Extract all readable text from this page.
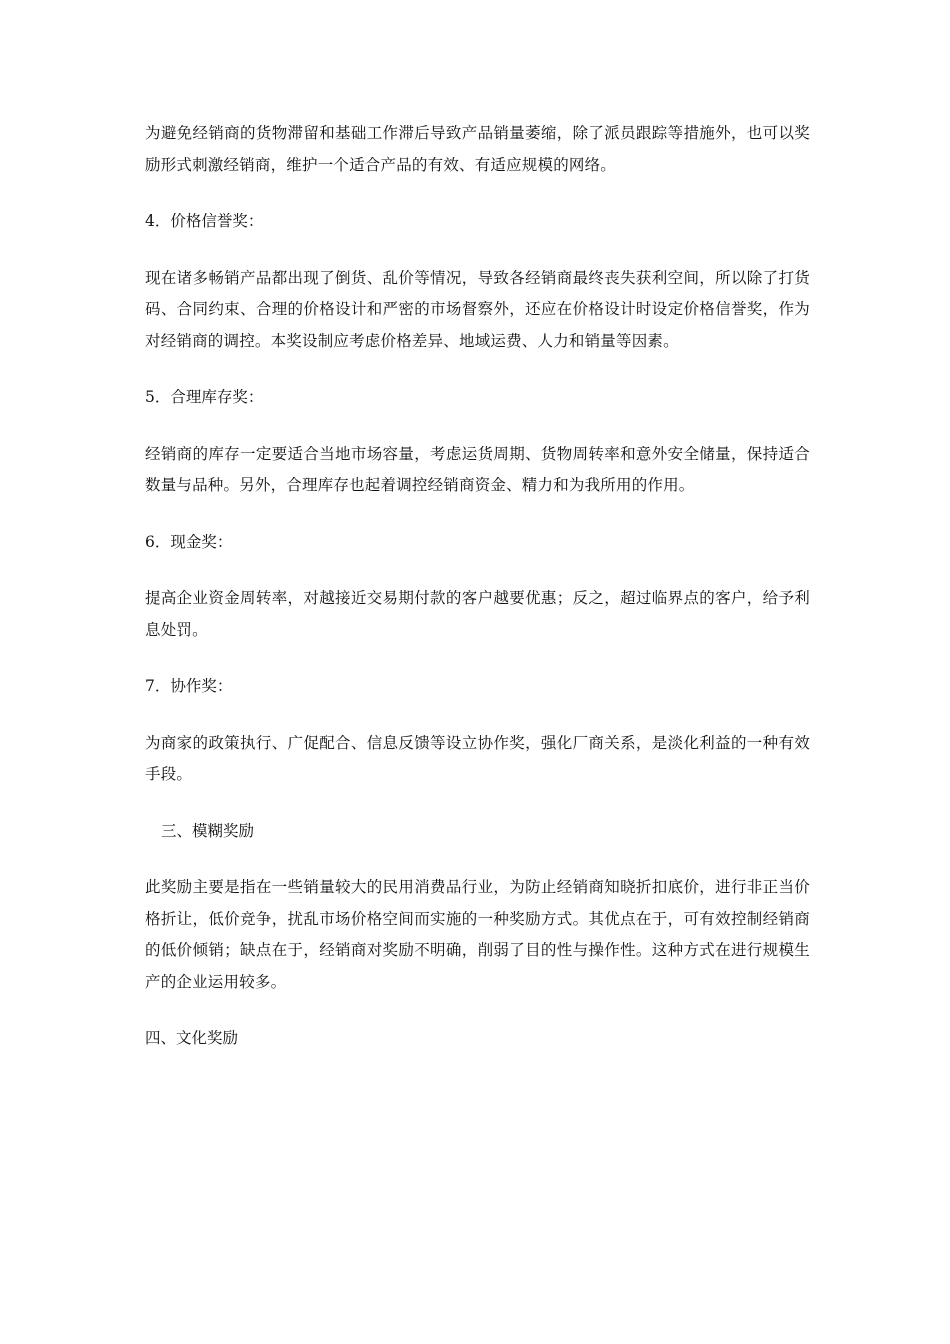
为避免经销商的货物滞留和基础工作滞后导致产品销量萎缩，除了派员跟踪等措施外，也可以奖励形式刺激经销商，维护一个适合产品的有效、有适应规模的网络。

4．价格信誉奖：

现在诸多畅销产品都出现了倒货、乱价等情况，导致各经销商最终丧失获利空间，所以除了打货码、合同约束、合理的价格设计和严密的市场督察外，还应在价格设计时设定价格信誉奖，作为对经销商的调控。本奖设制应考虑价格差异、地域运费、人力和销量等因素。

5．合理库存奖：

经销商的库存一定要适合当地市场容量，考虑运货周期、货物周转率和意外安全储量，保持适合数量与品种。另外，合理库存也起着调控经销商资金、精力和为我所用的作用。

6．现金奖：

提高企业资金周转率，对越接近交易期付款的客户越要优惠；反之，超过临界点的客户，给予利息处罚。

7．协作奖：

为商家的政策执行、广促配合、信息反馈等设立协作奖，强化厂商关系，是淡化利益的一种有效手段。

三、模糊奖励

此奖励主要是指在一些销量较大的民用消费品行业，为防止经销商知晓折扣底价，进行非正当价格折让，低价竞争，扰乱市场价格空间而实施的一种奖励方式。其优点在于，可有效控制经销商的低价倾销；缺点在于，经销商对奖励不明确，削弱了目的性与操作性。这种方式在进行规模生产的企业运用较多。

四、文化奖励
